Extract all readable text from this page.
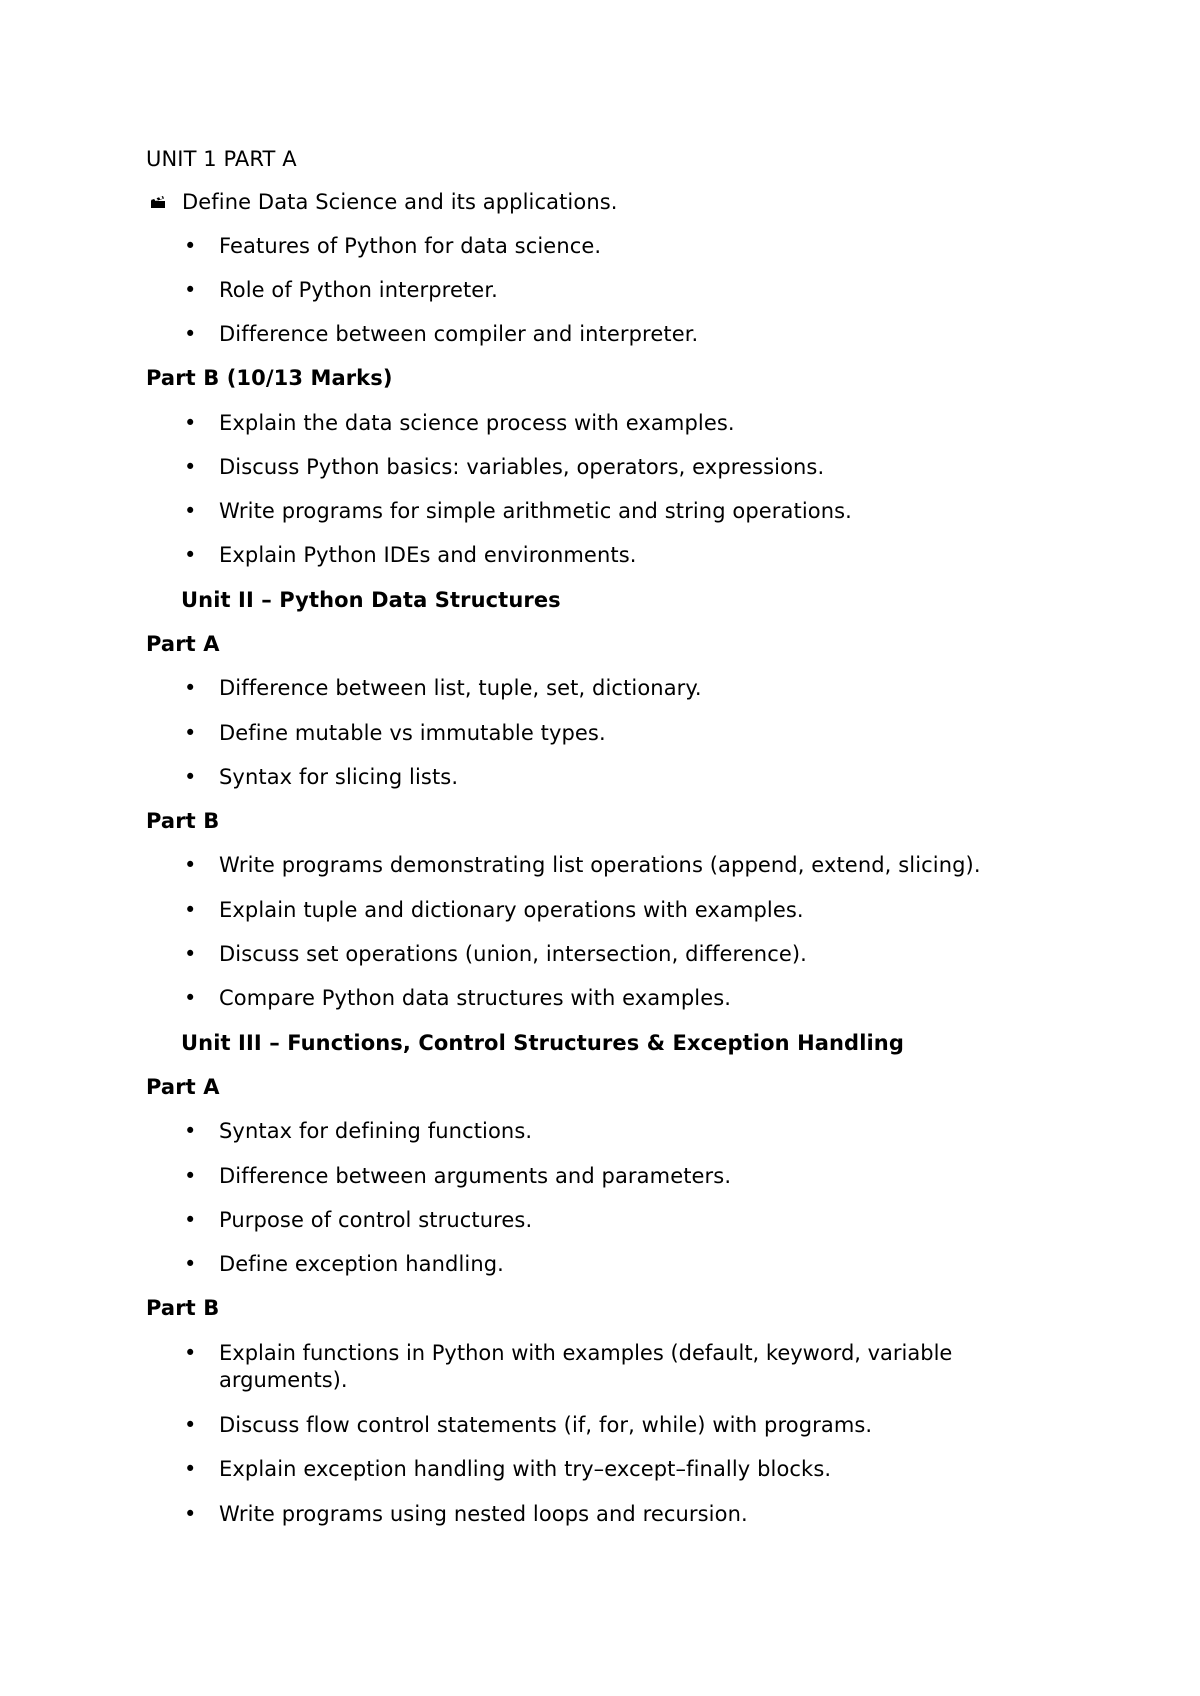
UNIT 1 PART A
Define Data Science and its applications.
• Features of Python for data science.
• Role of Python interpreter.
• Difference between compiler and interpreter.
Part B (10/13 Marks)
• Explain the data science process with examples.
• Discuss Python basics: variables, operators, expressions.
• Write programs for simple arithmetic and string operations.
• Explain Python IDEs and environments.
Unit II – Python Data Structures
Part A
• Difference between list, tuple, set, dictionary.
• Define mutable vs immutable types.
• Syntax for slicing lists.
Part B
• Write programs demonstrating list operations (append, extend, slicing).
• Explain tuple and dictionary operations with examples.
• Discuss set operations (union, intersection, difference).
• Compare Python data structures with examples.
Unit III – Functions, Control Structures & Exception Handling
Part A
• Syntax for defining functions.
• Difference between arguments and parameters.
• Purpose of control structures.
• Define exception handling.
Part B
• Explain functions in Python with examples (default, keyword, variable arguments).
• Discuss flow control statements (if, for, while) with programs.
• Explain exception handling with try–except–finally blocks.
• Write programs using nested loops and recursion.
